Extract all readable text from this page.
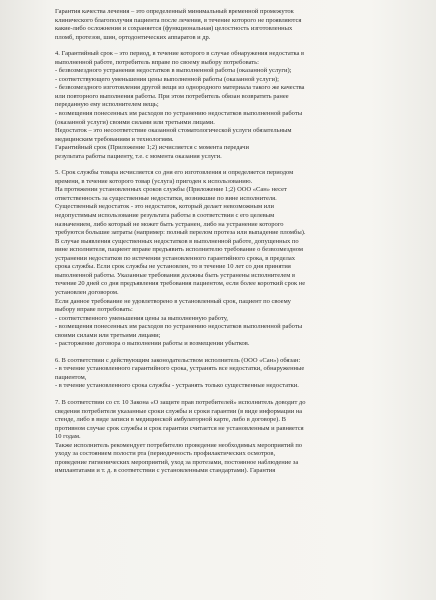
Гарантия качества лечения – это определенный минимальный временной промежуток
клинического благополучия пациента после лечения, в течение которого не проявляются
какие-либо осложнения и сохраняется (функциональная) целостность изготовленных
пломб, протезов, шин, ортодонтических аппаратов и др.
4. Гарантийный срок – это период, в течение которого в случае обнаружения недостатка в
выполненной работе, потребитель вправе по своему выбору потребовать:
- безвозмездного устранения недостатков в выполненной работы (оказанной услуги);
- соответствующего уменьшения цены выполненной работы (оказанной услуги);
- безвозмездного изготовления другой вещи из однородного материала такого же качества
или повторного выполнения работы. При этом потребитель обязан возвратить ранее
переданную ему исполнителем вещь;
- возмещения понесенных им расходов по устранению недостатков выполненной работы
(оказанной услуги) своими силами или третьими лицами.
Недостаток – это несоответствие оказанной стоматологической услуги обязательным
медицинским требованиям и технологиям.
Гарантийный срок (Приложение 1;2) исчисляется с момента передачи
результата работы пациенту, т.е. с момента оказания услуги.
5. Срок службы товара исчисляется со дня его изготовления и определяется периодом
времени, в течение которого товар (услуга) пригоден к использованию.
На протяжении установленных сроков службы (Приложение 1;2) ООО «Сан» несет
ответственность за существенные недостатки, возникшие по вине исполнителя.
Существенный недостаток - это недостаток, который делает невозможным или
недопустимым использование результата работы в соответствии с его целевым
назначением, либо который не может быть устранен, либо на устранение которого
требуются большие затраты (например: полный перелом протеза или выпадение пломбы).
В случае выявления существенных недостатков в выполненной работе, допущенных по
вине исполнителя, пациент вправе предъявить исполнителю требование о безвозмездном
устранении недостатков по истечении установленного гарантийного срока, в пределах
срока службы. Если срок службы не установлен, то в течение 10 лет со дня принятия
выполненной работы. Указанные требования должны быть устранены исполнителем в
течение 20 дней со дня предъявления требования пациентом, если более короткий срок не
установлен договором.
Если данное требование не удовлетворено в установленный срок, пациент по своему
выбору вправе потребовать:
- соответственного уменьшения цены за выполненную работу,
- возмещения понесенных им расходов по устранению недостатков выполненной работы
своими силами или третьими лицами;
- расторжение договора о выполнении работы и возмещении убытков.
6. В соответствии с действующим законодательством исполнитель (ООО «Сан») обязан:
- в течение установленного гарантийного срока, устранять все недостатки, обнаруженные
пациентом,
- в течение установленного срока службы - устранять только существенные недостатки.
7. В соответствии со ст. 10 Закона «О защите прав потребителей» исполнитель доводит до
сведения потребителя указанные сроки службы и сроки гарантии (в виде информации на
стенде, либо в виде записи в медицинской амбулаторной карте, либо в договоре). В
противном случае срок службы и срок гарантии считается не установленным и равняется
10 годам.
Также исполнитель рекомендует потребителю проведение необходимых мероприятий по
уходу за состоянием полости рта (периодичность профилактических осмотров,
проведение гигиенических мероприятий, уход за протезами, постоянное наблюдение за
имплантатами и т. д. в соответствии с установленными стандартами). Гарантия
